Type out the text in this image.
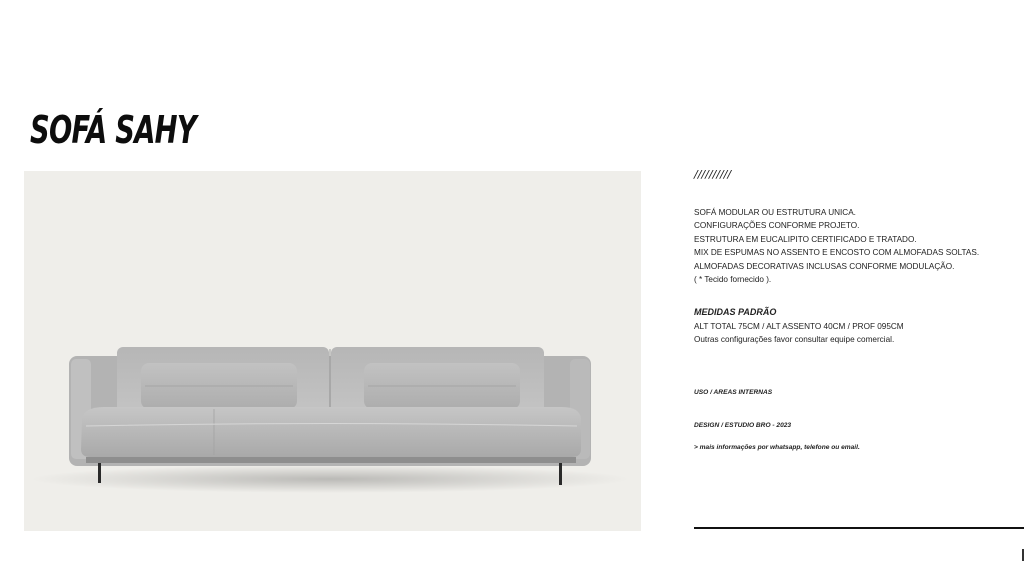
SOFÁ SAHY
//////////
SOFÁ MODULAR OU ESTRUTURA UNICA.
CONFIGURAÇÕES CONFORME PROJETO.
ESTRUTURA EM EUCALIPITO CERTIFICADO E TRATADO.
MIX DE ESPUMAS NO ASSENTO E ENCOSTO COM ALMOFADAS SOLTAS.
ALMOFADAS DECORATIVAS INCLUSAS CONFORME MODULAÇÃO.
( * Tecido fornecido ).
MEDIDAS PADRÃO
ALT TOTAL 75CM / ALT ASSENTO 40CM / PROF 095CM
Outras configurações favor consultar equipe comercial.
USO / AREAS INTERNAS
DESIGN / ESTUDIO BRO - 2023
> mais informações por whatsapp, telefone ou email.
